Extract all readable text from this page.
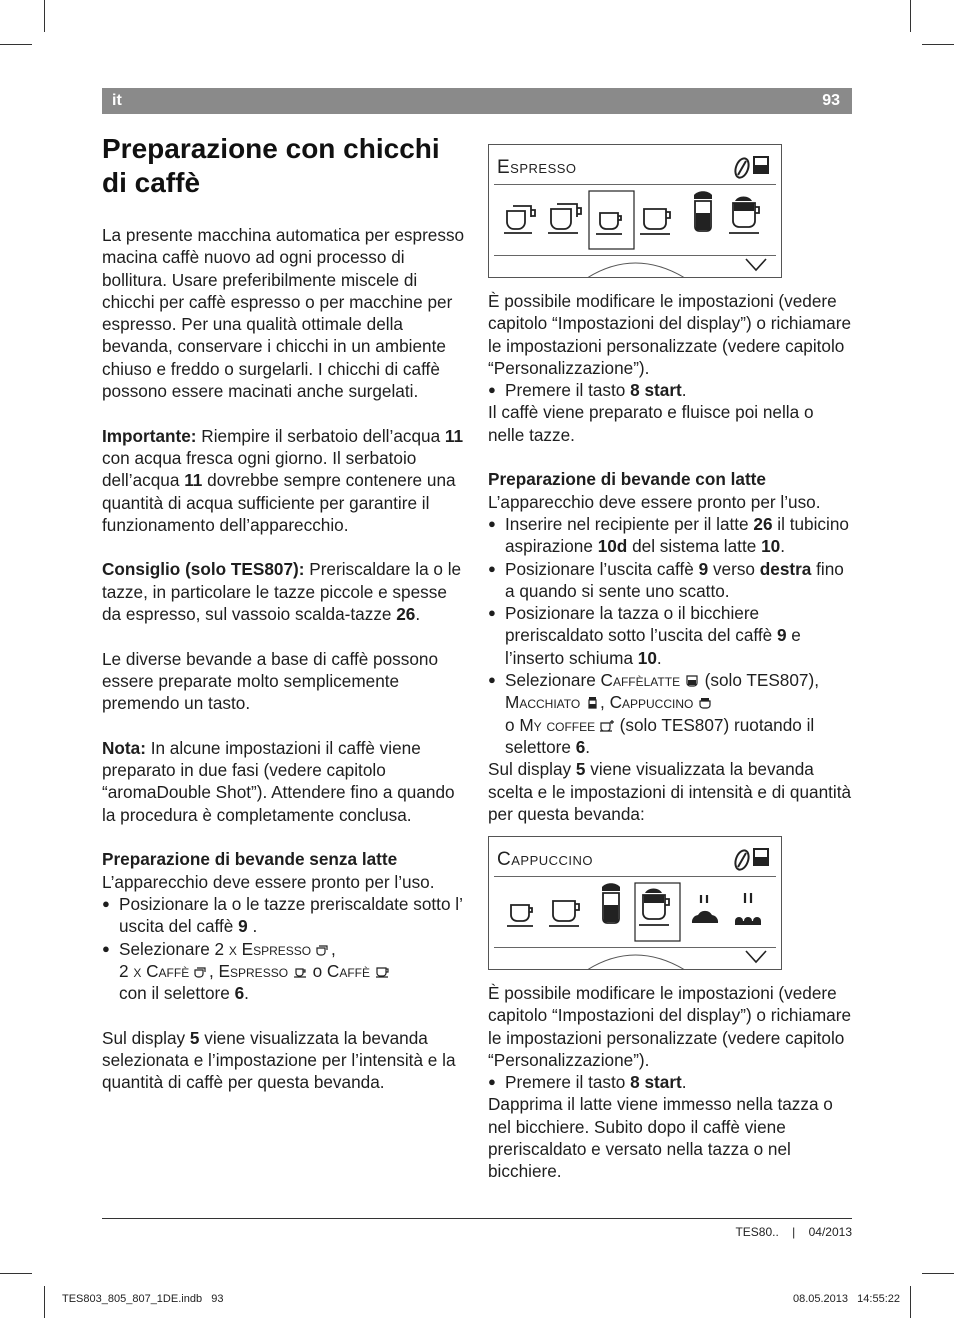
it	93
Preparazione con chicchi di caffè

La presente macchina automatica per espresso macina caffè nuovo ad ogni processo di bollitura. Usare preferibilmente miscele di chicchi per caffè espresso o per macchine per espresso. Per una qualità ottimale della bevanda, conservare i chicchi in un ambiente chiuso e freddo o surgelarli. I chicchi di caffè possono essere macinati anche surgelati.

Importante: Riempire il serbatoio dell’acqua 11 con acqua fresca ogni giorno. Il serbatoio dell’acqua 11 dovrebbe sempre contenere una quantità di acqua sufficiente per garantire il funzionamento dell’apparecchio.

Consiglio (solo TES807): Preriscaldare la o le tazze, in particolare le tazze piccole e spesse da espresso, sul vassoio scalda-tazze 26.

Le diverse bevande a base di caffè possono essere preparate molto semplicemente premendo un tasto.

Nota: In alcune impostazioni il caffè viene preparato in due fasi (vedere capitolo “aromaDouble Shot”). Attendere fino a quando la procedura è completamente conclusa.

Preparazione di bevande senza latte

L’apparecchio deve essere pronto per l’uso.

● Posizionare la o le tazze preriscaldate sotto l’ uscita del caffè 9 .
● Selezionare 2 x Espresso ,
2 x Caffè , Espresso  o Caffè
con il selettore 6.

Sul display 5 viene visualizzata la bevanda selezionata e l’impostazione per l’intensità e la quantità di caffè per questa bevanda.

Espresso

È possibile modificare le impostazioni (vedere capitolo “Impostazioni del display”) o richiamare le impostazioni personalizzate (vedere capitolo “Personalizzazione”).

● Premere il tasto 8 start.

Il caffè viene preparato e fluisce poi nella o nelle tazze.

Preparazione di bevande con latte

L’apparecchio deve essere pronto per l’uso.

● Inserire nel recipiente per il latte 26 il tubicino aspirazione 10d del sistema latte 10.
● Posizionare l’uscita caffè 9 verso destra fino a quando si sente uno scatto.
● Posizionare la tazza o il bicchiere preriscaldato sotto l’uscita del caffè 9 e l’inserto schiuma 10.
● Selezionare Caffèlatte  (solo TES807), Macchiato , Cappuccino
o My coffee  (solo TES807) ruotando il selettore 6.

Sul display 5 viene visualizzata la bevanda scelta e le impostazioni di intensità e di quantità per questa bevanda:

Cappuccino

È possibile modificare le impostazioni (vedere capitolo “Impostazioni del display”) o richiamare le impostazioni personalizzate (vedere capitolo “Personalizzazione”).

● Premere il tasto 8 start.

Dapprima il latte viene immesso nella tazza o nel bicchiere. Subito dopo il caffè viene preriscaldato e versato nella tazza o nel bicchiere.

TES80.. | 04/2013
TES803_805_807_1DE.indb   93	08.05.2013   14:55:22
